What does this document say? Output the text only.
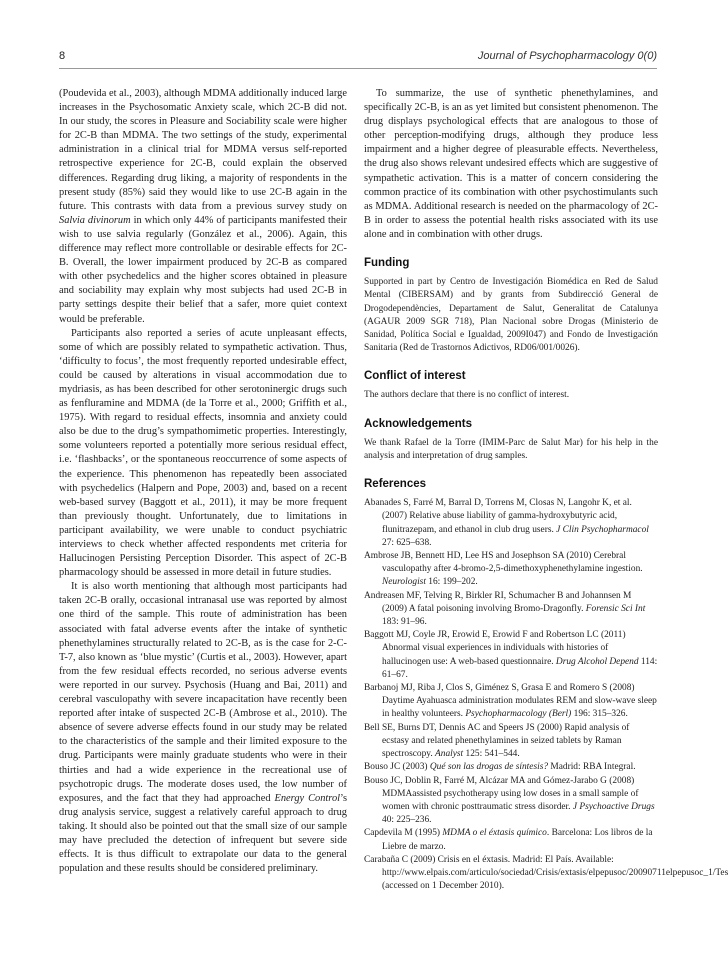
8	Journal of Psychopharmacology 0(0)

(Poudevida et al., 2003), although MDMA additionally induced large increases in the Psychosomatic Anxiety scale, which 2C-B did not. In our study, the scores in Pleasure and Sociability scale were higher for 2C-B than MDMA. The two settings of the study, experimental administration in a clinical trial for MDMA versus self-reported retrospective experience for 2C-B, could explain the observed differences. Regarding drug liking, a majority of respondents in the present study (85%) said they would like to use 2C-B again in the future. This contrasts with data from a previous survey study on Salvia divinorum in which only 44% of participants manifested their wish to use salvia regularly (González et al., 2006). Again, this difference may reflect more controllable or desirable effects for 2C-B. Overall, the lower impairment produced by 2C-B as compared with other psychedelics and the higher scores obtained in pleasure and sociability may explain why most subjects had used 2C-B in party settings despite their belief that a safer, more quiet context would be preferable.

Participants also reported a series of acute unpleasant effects, some of which are possibly related to sympathetic activation. Thus, ‘difficulty to focus’, the most frequently reported undesirable effect, could be caused by alterations in visual accommodation due to mydriasis, as has been described for other serotoninergic drugs such as fenfluramine and MDMA (de la Torre et al., 2000; Griffith et al., 1975). With regard to residual effects, insomnia and anxiety could also be due to the drug’s sympathomimetic properties. Interestingly, some volunteers reported a potentially more serious residual effect, i.e. ‘flashbacks’, or the spontaneous reoccurrence of some aspects of the experience. This phenomenon has repeatedly been associated with psychedelics (Halpern and Pope, 2003) and, based on a recent web-based survey (Baggott et al., 2011), it may be more frequent than previously thought. Unfortunately, due to limitations in participant availability, we were unable to conduct psychiatric interviews to check whether affected respondents met criteria for Hallucinogen Persisting Perception Disorder. This aspect of 2C-B pharmacology should be assessed in more detail in future studies.

It is also worth mentioning that although most participants had taken 2C-B orally, occasional intranasal use was reported by almost one third of the sample. This route of administration has been associated with fatal adverse events after the intake of synthetic phenethylamines structurally related to 2C-B, as is the case for 2-C-T-7, also known as ‘blue mystic’ (Curtis et al., 2003). However, apart from the few residual effects recorded, no serious adverse events were reported in our survey. Psychosis (Huang and Bai, 2011) and cerebral vasculopathy with severe incapacitation have recently been reported after intake of suspected 2C-B (Ambrose et al., 2010). The absence of severe adverse effects found in our study may be related to the characteristics of the sample and their limited exposure to the drug. Participants were mainly graduate students who were in their thirties and had a wide experience in the recreational use of psychotropic drugs. The moderate doses used, the low number of exposures, and the fact that they had approached Energy Control’s drug analysis service, suggest a relatively careful approach to drug taking. It should also be pointed out that the small size of our sample may have precluded the detection of infrequent but severe side effects. It is thus difficult to extrapolate our data to the general population and these results should be considered preliminary.

To summarize, the use of synthetic phenethylamines, and specifically 2C-B, is an as yet limited but consistent phenomenon. The drug displays psychological effects that are analogous to those of other perception-modifying drugs, although they produce less impairment and a higher degree of pleasurable effects. Nevertheless, the drug also shows relevant undesired effects which are suggestive of sympathetic activation. This is a matter of concern considering the common practice of its combination with other psychostimulants such as MDMA. Additional research is needed on the pharmacology of 2C-B in order to assess the potential health risks associated with its use alone and in combination with other drugs.

Funding

Supported in part by Centro de Investigación Biomédica en Red de Salud Mental (CIBERSAM) and by grants from Subdirecció General de Drogodependències, Departament de Salut, Generalitat de Catalunya (AGAUR 2009 SGR 718), Plan Nacional sobre Drogas (Ministerio de Sanidad, Política Social e Igualdad, 2009I047) and Fondo de Investigación Sanitaria (Red de Trastornos Adictivos, RD06/001/0026).

Conflict of interest

The authors declare that there is no conflict of interest.

Acknowledgements

We thank Rafael de la Torre (IMIM-Parc de Salut Mar) for his help in the analysis and interpretation of drug samples.

References
Abanades S, Farré M, Barral D, Torrens M, Closas N, Langohr K, et al. (2007) Relative abuse liability of gamma-hydroxybutyric acid, flunitrazepam, and ethanol in club drug users. J Clin Psychopharmacol 27: 625–638.
Ambrose JB, Bennett HD, Lee HS and Josephson SA (2010) Cerebral vasculopathy after 4-bromo-2,5-dimethoxyphenethylamine ingestion. Neurologist 16: 199–202.
Andreasen MF, Telving R, Birkler RI, Schumacher B and Johannsen M (2009) A fatal poisoning involving Bromo-Dragonfly. Forensic Sci Int 183: 91–96.
Baggott MJ, Coyle JR, Erowid E, Erowid F and Robertson LC (2011) Abnormal visual experiences in individuals with histories of hallucinogen use: A web-based questionnaire. Drug Alcohol Depend 114: 61–67.
Barbanoj MJ, Riba J, Clos S, Giménez S, Grasa E and Romero S (2008) Daytime Ayahuasca administration modulates REM and slow-wave sleep in healthy volunteers. Psychopharmacology (Berl) 196: 315–326.
Bell SE, Burns DT, Dennis AC and Speers JS (2000) Rapid analysis of ecstasy and related phenethylamines in seized tablets by Raman spectroscopy. Analyst 125: 541–544.
Bouso JC (2003) Qué son las drogas de síntesis? Madrid: RBA Integral.
Bouso JC, Doblin R, Farré M, Alcázar MA and Gómez-Jarabo G (2008) MDMAassisted psychotherapy using low doses in a small sample of women with chronic posttraumatic stress disorder. J Psychoactive Drugs 40: 225–236.
Capdevila M (1995) MDMA o el éxtasis químico. Barcelona: Los libros de la Liebre de marzo.
Carabaña C (2009) Crisis en el éxtasis. Madrid: El País. Available: http://www.elpais.com/articulo/sociedad/Crisis/extasis/elpepusoc/20090711elpepusoc_1/Tes (accessed on 1 December 2010).
